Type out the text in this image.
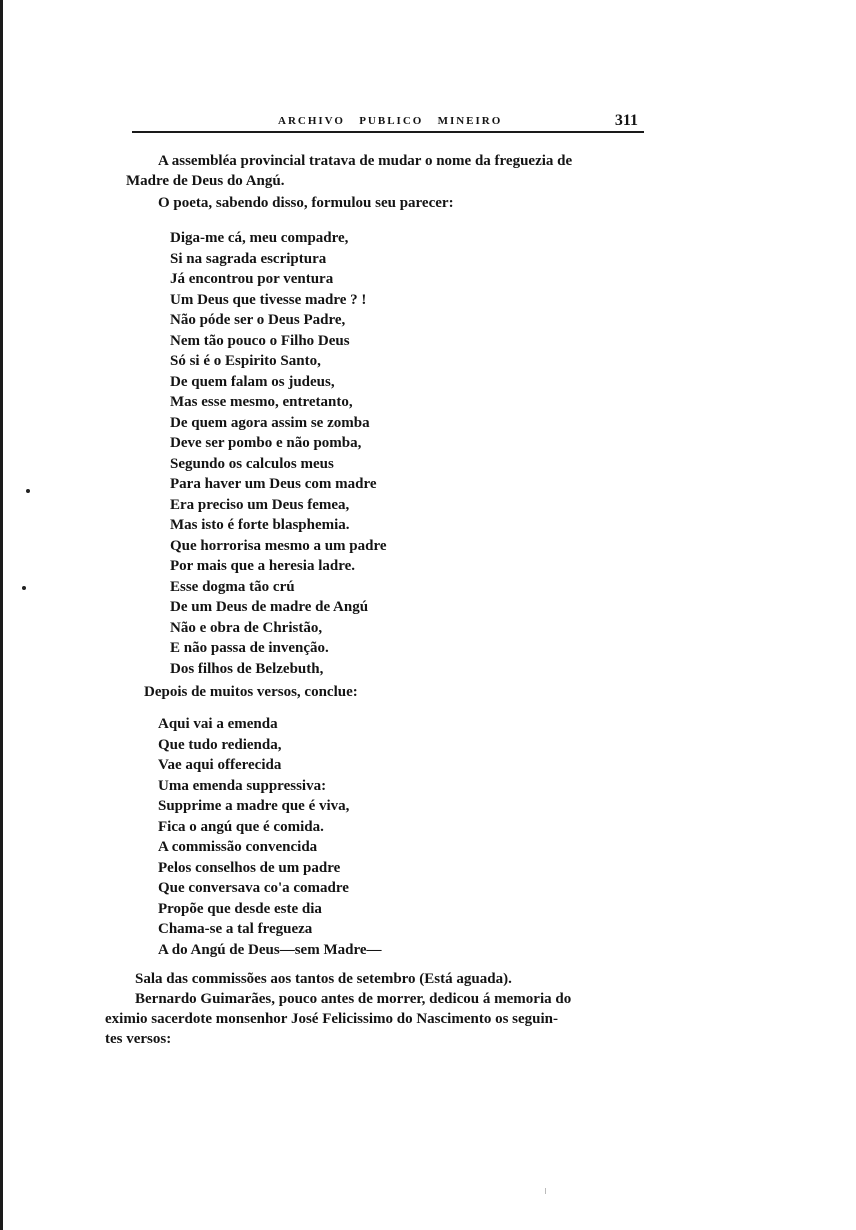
ARCHIVO   PUBLICO   MINEIRO	311
A assembléa provincial tratava de mudar o nome da freguezia de
Madre de Deus do Angú.
O poeta, sabendo disso, formulou seu parecer:
Diga-me cá, meu compadre,
Si na sagrada escriptura
Já encontrou por ventura
Um Deus que tivesse madre ? !
Não póde ser o Deus Padre,
Nem tão pouco o Filho Deus
Só si é o Espirito Santo,
De quem falam os judeus,
Mas esse mesmo, entretanto,
De quem agora assim se zomba
Deve ser pombo e não pomba,
Segundo os calculos meus
Para haver um Deus com madre
Era preciso um Deus femea,
Mas isto é forte blasphemia.
Que horrorisa mesmo a um padre
Por mais que a heresia ladre.
Esse dogma tão crú
De um Deus de madre de Angú
Não e obra de Christão,
E não passa de invenção.
Dos filhos de Belzebuth,
Depois de muitos versos, conclue:
Aqui vai a emenda
Que tudo redienda,
Vae aqui offerecida
Uma emenda suppressiva:
Supprime a madre que é viva,
Fica o angú que é comida.
A commissão convencida
Pelos conselhos de um padre
Que conversava co'a comadre
Propõe que desde este dia
Chama-se a tal fregueza
A do Angú de Deus—sem Madre—
Sala das commissões aos tantos de setembro (Está aguada).
Bernardo Guimarães, pouco antes de morrer, dedicou á memoria do
eximio sacerdote monsenhor José Felicissimo do Nascimento os seguin-
tes versos:
